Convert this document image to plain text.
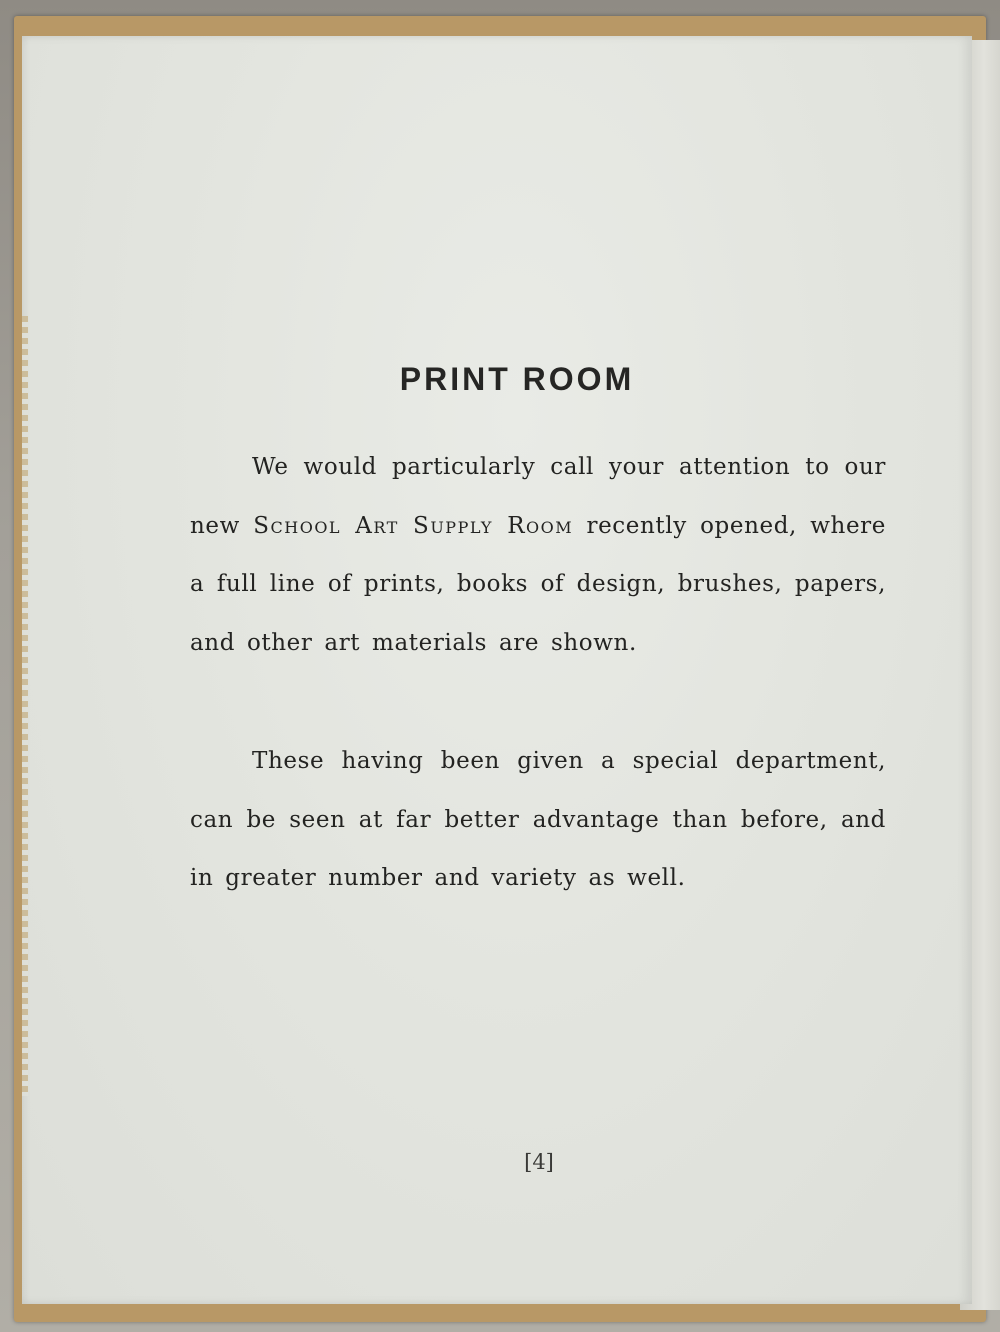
PRINT ROOM

We would particularly call your attention to our new School Art Supply Room recently opened, where a full line of prints, books of design, brushes, papers, and other art materials are shown.

These having been given a special department, can be seen at far better advantage than before, and in greater number and variety as well.

[4]
